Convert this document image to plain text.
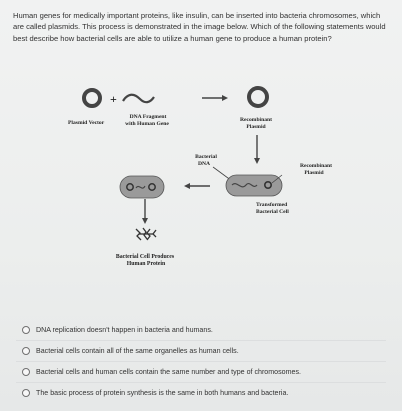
Human genes for medically important proteins, like insulin, can be inserted into bacteria chromosomes, which are called plasmids. This process is demonstrated in the image below. Which of the following statements would best describe how bacterial cells are able to utilize a human gene to produce a human protein?
+
Plasmid Vector
DNA Fragment
with Human Gene
Recombinant
Plasmid
Bacterial
DNA	Recombinant
Plasmid
Transformed
Bacterial Cell
Bacterial Cell Produces
Human Protein
DNA replication doesn't happen in bacteria and humans.
Bacterial cells contain all of the same organelles as human cells.
Bacterial cells and human cells contain the same number and type of chromosomes.
The basic process of protein synthesis is the same in both humans and bacteria.
